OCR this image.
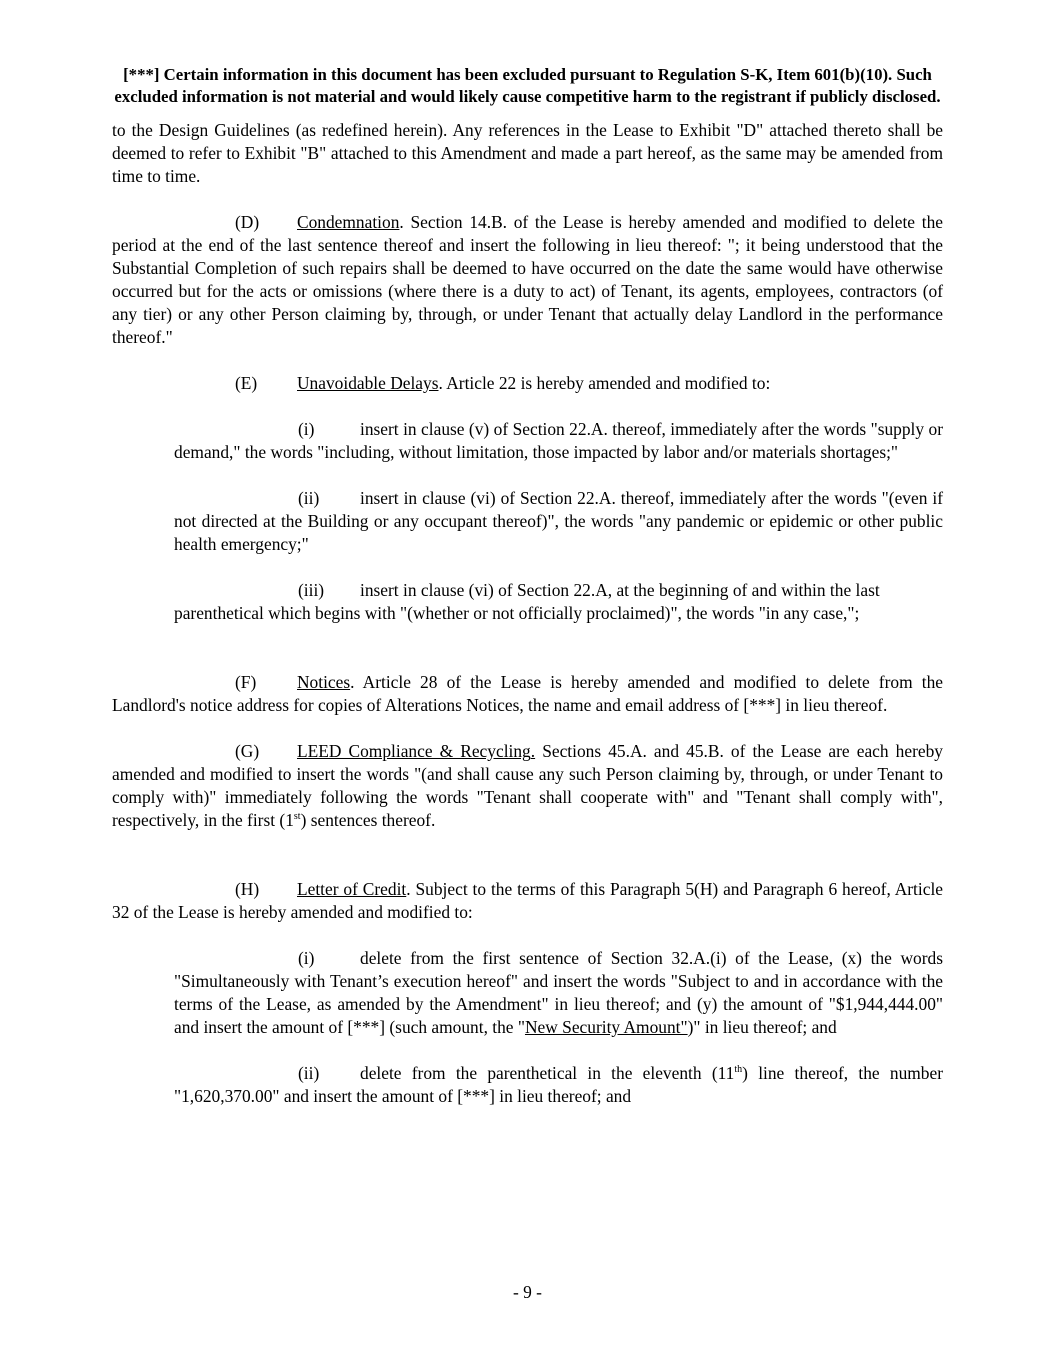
[***] Certain information in this document has been excluded pursuant to Regulation S-K, Item 601(b)(10). Such excluded information is not material and would likely cause competitive harm to the registrant if publicly disclosed.

to the Design Guidelines (as redefined herein). Any references in the Lease to Exhibit "D" attached thereto shall be deemed to refer to Exhibit "B" attached to this Amendment and made a part hereof, as the same may be amended from time to time.

(D) Condemnation. Section 14.B. of the Lease is hereby amended and modified to delete the period at the end of the last sentence thereof and insert the following in lieu thereof: "; it being understood that the Substantial Completion of such repairs shall be deemed to have occurred on the date the same would have otherwise occurred but for the acts or omissions (where there is a duty to act) of Tenant, its agents, employees, contractors (of any tier) or any other Person claiming by, through, or under Tenant that actually delay Landlord in the performance thereof."

(E) Unavoidable Delays. Article 22 is hereby amended and modified to:

(i)	insert in clause (v) of Section 22.A. thereof, immediately after the words "supply or demand," the words "including, without limitation, those impacted by labor and/or materials shortages;"

(ii) insert in clause (vi) of Section 22.A. thereof, immediately after the words "(even if not directed at the Building or any occupant thereof)", the words "any pandemic or epidemic or other public health emergency;"

(iii) insert in clause (vi) of Section 22.A, at the beginning of and within the last parenthetical which begins with "(whether or not officially proclaimed)", the words "in any case,";

(F) Notices. Article 28 of the Lease is hereby amended and modified to delete from the Landlord's notice address for copies of Alterations Notices, the name and email address of [***] in lieu thereof.

(G) LEED Compliance & Recycling. Sections 45.A. and 45.B. of the Lease are each hereby amended and modified to insert the words "(and shall cause any such Person claiming by, through, or under Tenant to comply with)" immediately following the words "Tenant shall cooperate with" and "Tenant shall comply with", respectively, in the first (1st) sentences thereof.

(H) Letter of Credit. Subject to the terms of this Paragraph 5(H) and Paragraph 6 hereof, Article 32 of the Lease is hereby amended and modified to:

(i)	delete from the first sentence of Section 32.A.(i) of the Lease, (x) the words "Simultaneously with Tenant’s execution hereof" and insert the words "Subject to and in accordance with the terms of the Lease, as amended by the Amendment" in lieu thereof; and (y) the amount of "$1,944,444.00" and insert the amount of [***] (such amount, the "New Security Amount")" in lieu thereof; and

(ii) delete from the parenthetical in the eleventh (11th) line thereof, the number "1,620,370.00" and insert the amount of [***] in lieu thereof; and

- 9 -
